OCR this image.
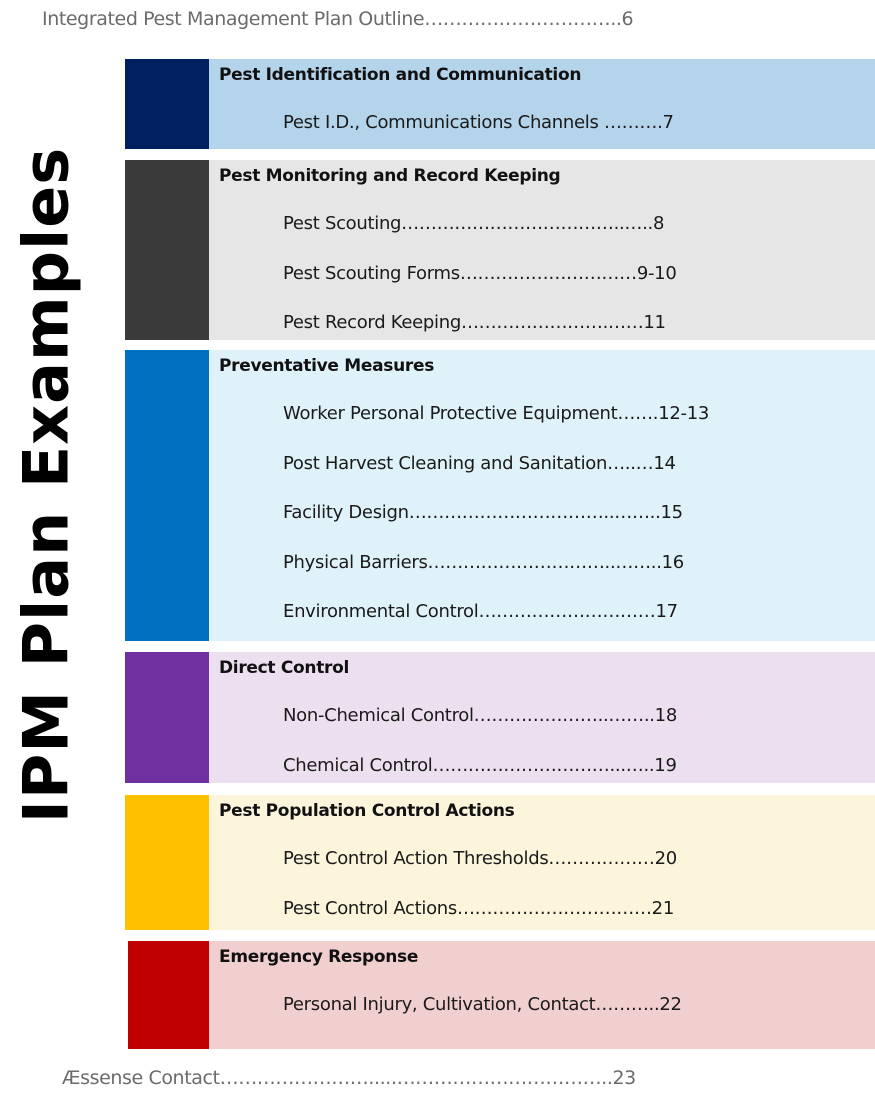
Integrated Pest Management Plan Outline…………………………..6
IPM Plan Examples
Pest Identification and Communication
Pest I.D., Communications Channels ……….7
Pest Monitoring and Record Keeping
Pest Scouting………………………………..…..8
Pest Scouting Forms…………………………9-10
Pest Record Keeping…………………….……11
Preventative Measures
Worker Personal Protective Equipment…….12-13
Post Harvest Cleaning and Sanitation…..…14
Facility Design……………………………..……..15
Physical Barriers…………………………..……..16
Environmental Control…………………………17
Direct Control
Non-Chemical Control…………………..……..18
Chemical Control…………………………...…..19
Pest Population Control Actions
Pest Control Action Thresholds………………20
Pest Control Actions……………………………21
Emergency Response
Personal Injury, Cultivation, Contact………..22
Æssense Contact…………………….....……………………………..23
